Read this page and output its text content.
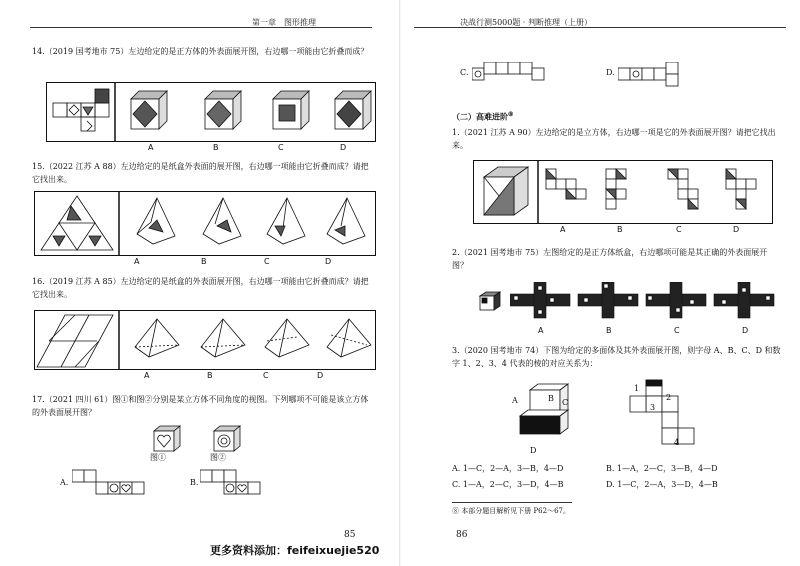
第一章　图形推理
14.（2019 国考地市 75）左边给定的是正方体的外表面展开图，右边哪一项能由它折叠而成？
A	B	C	D
15.（2022 江苏 A 88）左边给定的是纸盒外表面的展开图，右边哪一项能由它折叠而成？请把它找出来。
A	B	C	D
16.（2019 江苏 A 85）左边给定的是纸盒的外表面展开图，右边哪一项能由它折叠而成？请把它找出来。
A	B	C	D
17.（2021 四川 61）图①和图②分别是某立方体不同角度的视图。下列哪项不可能是该立方体的外表面展开图？
图①	图②
A.	B.
85
决战行测5000题 · 判断推理（上册）
C.	D.
（二）高难进阶⑧
1.（2021 江苏 A 90）左边给定的是立方体，右边哪一项是它的外表面展开图？请把它找出来。
A	B	C	D
2.（2021 国考地市 75）左图给定的是正方体纸盒，右边哪项可能是其正确的外表面展开图？
A	B	C	D
3.（2020 国考地市 74）下图为给定的多面体及其外表面展开图，则字母 A、B、C、D 和数字 1、2、3、4 代表的棱的对应关系为：
A	B C
D
1
2
3
4
A. 1—C，2—A，3—B，4—D	B. 1—A，2—C，3—B，4—D
C. 1—A，2—C，3—D，4—B	D. 1—C，2—A，3—D，4—B
⑧ 本部分题目解析见下册 P62～67。
86
更多资料添加：feifeixuejie520
